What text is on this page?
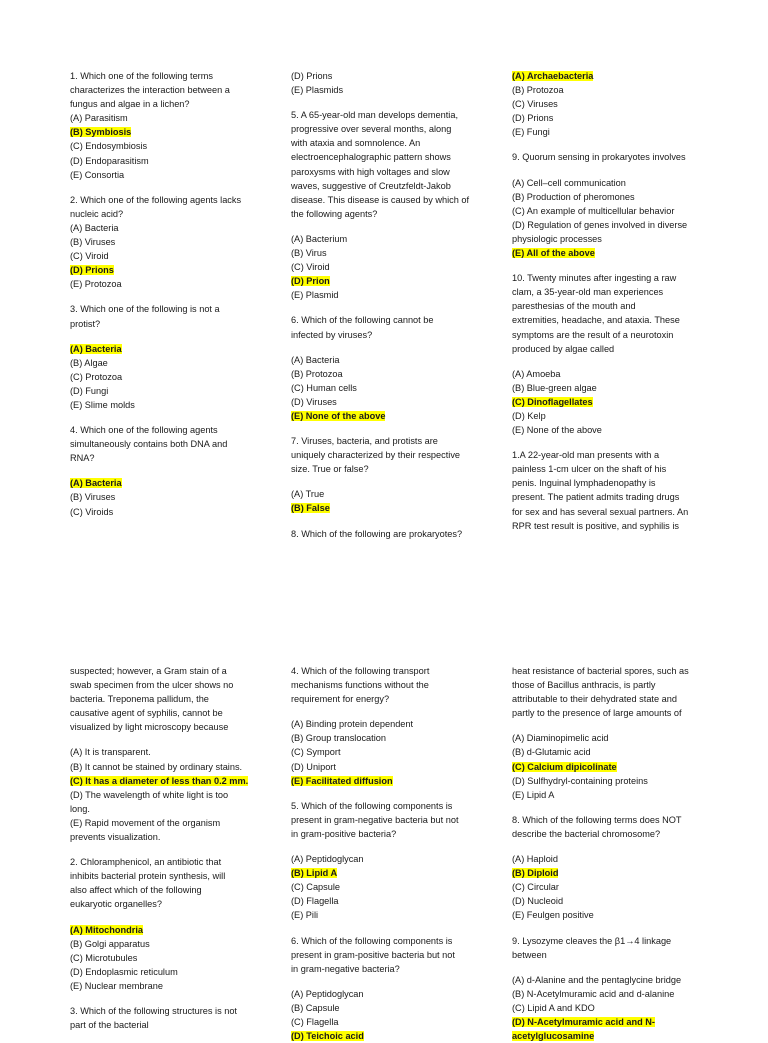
1. Which one of the following terms
characterizes the interaction between a
fungus and algae in a lichen?
(A) Parasitism
(B) Symbiosis
(C) Endosymbiosis
(D) Endoparasitism
(E) Consortia
2. Which one of the following agents lacks
nucleic acid?
(A) Bacteria
(B) Viruses
(C) Viroid
(D) Prions
(E) Protozoa
3. Which one of the following is not a
protist?
(A) Bacteria
(B) Algae
(C) Protozoa
(D) Fungi
(E) Slime molds
4. Which one of the following agents
simultaneously contains both DNA and
RNA?
(A) Bacteria
(B) Viruses
(C) Viroids
(D) Prions
(E) Plasmids
5. A 65-year-old man develops dementia,
progressive over several months, along
with ataxia and somnolence. An
electroencephalographic pattern shows
paroxysms with high voltages and slow
waves, suggestive of Creutzfeldt-Jakob
disease. This disease is caused by which of
the following agents?
(A) Bacterium
(B) Virus
(C) Viroid
(D) Prion
(E) Plasmid
6. Which of the following cannot be
infected by viruses?
(A) Bacteria
(B) Protozoa
(C) Human cells
(D) Viruses
(E) None of the above
7. Viruses, bacteria, and protists are
uniquely characterized by their respective
size. True or false?
(A) True
(B) False
8. Which of the following are prokaryotes?
(A) Archaebacteria
(B) Protozoa
(C) Viruses
(D) Prions
(E) Fungi
9. Quorum sensing in prokaryotes involves
(A) Cell–cell communication
(B) Production of pheromones
(C) An example of multicellular behavior
(D) Regulation of genes involved in diverse
physiologic processes
(E) All of the above
10. Twenty minutes after ingesting a raw
clam, a 35-year-old man experiences
paresthesias of the mouth and
extremities, headache, and ataxia. These
symptoms are the result of a neurotoxin
produced by algae called
(A) Amoeba
(B) Blue-green algae
(C) Dinoflagellates
(D) Kelp
(E) None of the above
1.A 22-year-old man presents with a
painless 1-cm ulcer on the shaft of his
penis. Inguinal lymphadenopathy is
present. The patient admits trading drugs
for sex and has several sexual partners. An
RPR test result is positive, and syphilis is
suspected; however, a Gram stain of a
swab specimen from the ulcer shows no
bacteria. Treponema pallidum, the
causative agent of syphilis, cannot be
visualized by light microscopy because
(A) It is transparent.
(B) It cannot be stained by ordinary stains.
(C) It has a diameter of less than 0.2 mm.
(D) The wavelength of white light is too
long.
(E) Rapid movement of the organism
prevents visualization.
2. Chloramphenicol, an antibiotic that
inhibits bacterial protein synthesis, will
also affect which of the following
eukaryotic organelles?
(A) Mitochondria
(B) Golgi apparatus
(C) Microtubules
(D) Endoplasmic reticulum
(E) Nuclear membrane
3. Which of the following structures is not
part of the bacterial
4. Which of the following transport
mechanisms functions without the
requirement for energy?
(A) Binding protein dependent
(B) Group translocation
(C) Symport
(D) Uniport
(E) Facilitated diffusion
5. Which of the following components is
present in gram-negative bacteria but not
in gram-positive bacteria?
(A) Peptidoglycan
(B) Lipid A
(C) Capsule
(D) Flagella
(E) Pili
6. Which of the following components is
present in gram-positive bacteria but not
in gram-negative bacteria?
(A) Peptidoglycan
(B) Capsule
(C) Flagella
(D) Teichoic acid
heat resistance of bacterial spores, such as
those of Bacillus anthracis, is partly
attributable to their dehydrated state and
partly to the presence of large amounts of
(A) Diaminopimelic acid
(B) d-Glutamic acid
(C) Calcium dipicolinate
(D) Sulfhydryl-containing proteins
(E) Lipid A
8. Which of the following terms does NOT
describe the bacterial chromosome?
(A) Haploid
(B) Diploid
(C) Circular
(D) Nucleoid
(E) Feulgen positive
9. Lysozyme cleaves the β1→4 linkage
between
(A) d-Alanine and the pentaglycine bridge
(B) N-Acetylmuramic acid and d-alanine
(C) Lipid A and KDO
(D) N-Acetylmuramic acid and N-
acetylglucosamine
